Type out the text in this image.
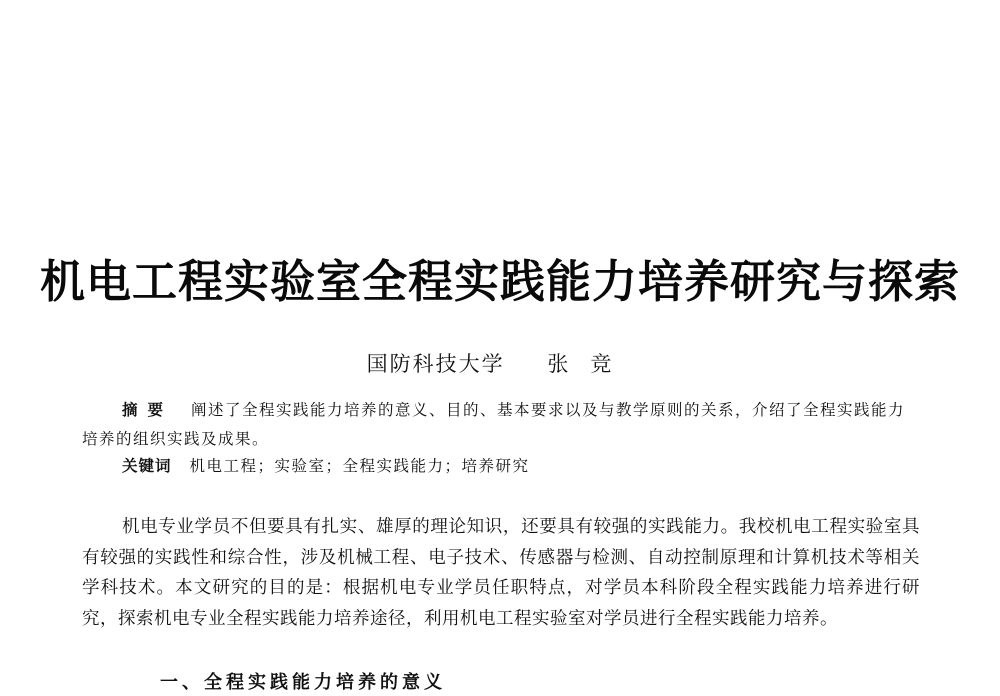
机电工程实验室全程实践能力培养研究与探索
国防科技大学 张竞
摘要 阐述了全程实践能力培养的意义、目的、基本要求以及与教学原则的关系，介绍了全程实践能力培养的组织实践及成果。
关键词 机电工程；实验室；全程实践能力；培养研究

机电专业学员不但要具有扎实、雄厚的理论知识，还要具有较强的实践能力。我校机电工程实验室具有较强的实践性和综合性，涉及机械工程、电子技术、传感器与检测、自动控制原理和计算机技术等相关学科技术。本文研究的目的是：根据机电专业学员任职特点，对学员本科阶段全程实践能力培养进行研究，探索机电专业全程实践能力培养途径，利用机电工程实验室对学员进行全程实践能力培养。

一、全程实践能力培养的意义
